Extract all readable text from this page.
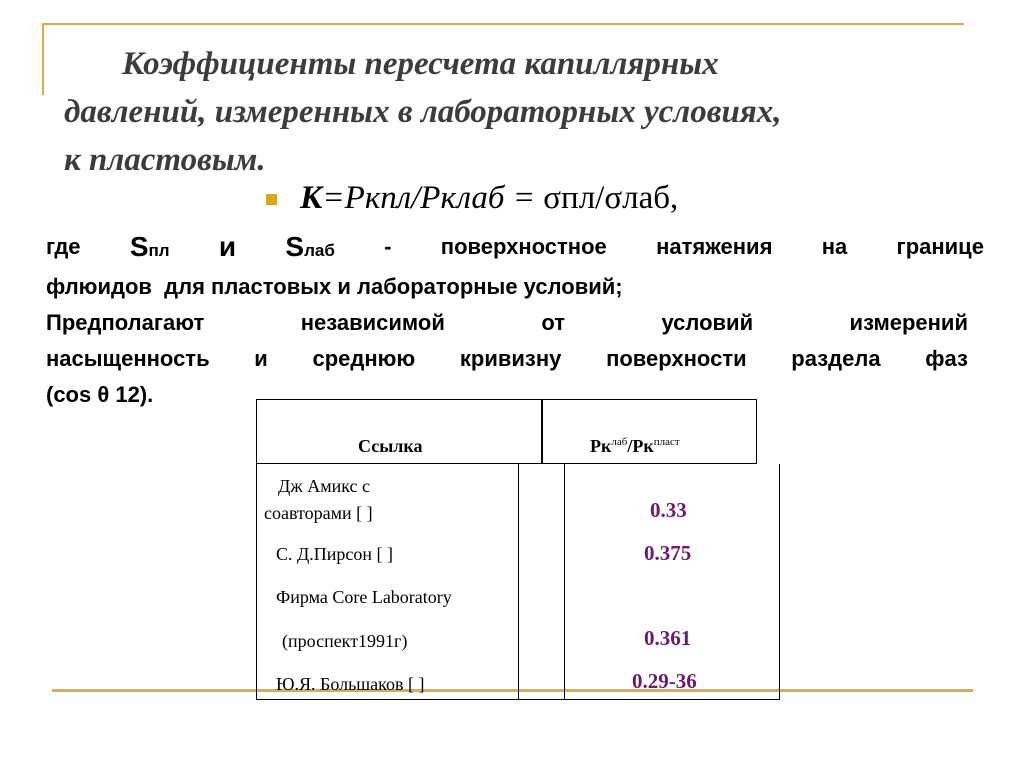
Коэффициенты пересчета капиллярных
давлений, измеренных в лабораторных условиях,
к пластовым.
К=Ркпл/Рклаб = σпл/σлаб,
где Sпл и Sлаб - поверхностное натяжения на границе
флюидов  для пластовых и лабораторные условий;
Предполагают	независимой	от	условий	измерений
насыщенность и среднюю кривизну поверхности раздела фаз
(cos θ 12).
Ссылка	$Рк^{лаб}/Рк^{пласт}$
Дж Амикс с
соавторами [ ]	0.33
С. Д.Пирсон [ ]	0.375
Фирма Core Laboratory
(проспект1991г)	0.361
Ю.Я. Большаков [ ]	0.29-36
